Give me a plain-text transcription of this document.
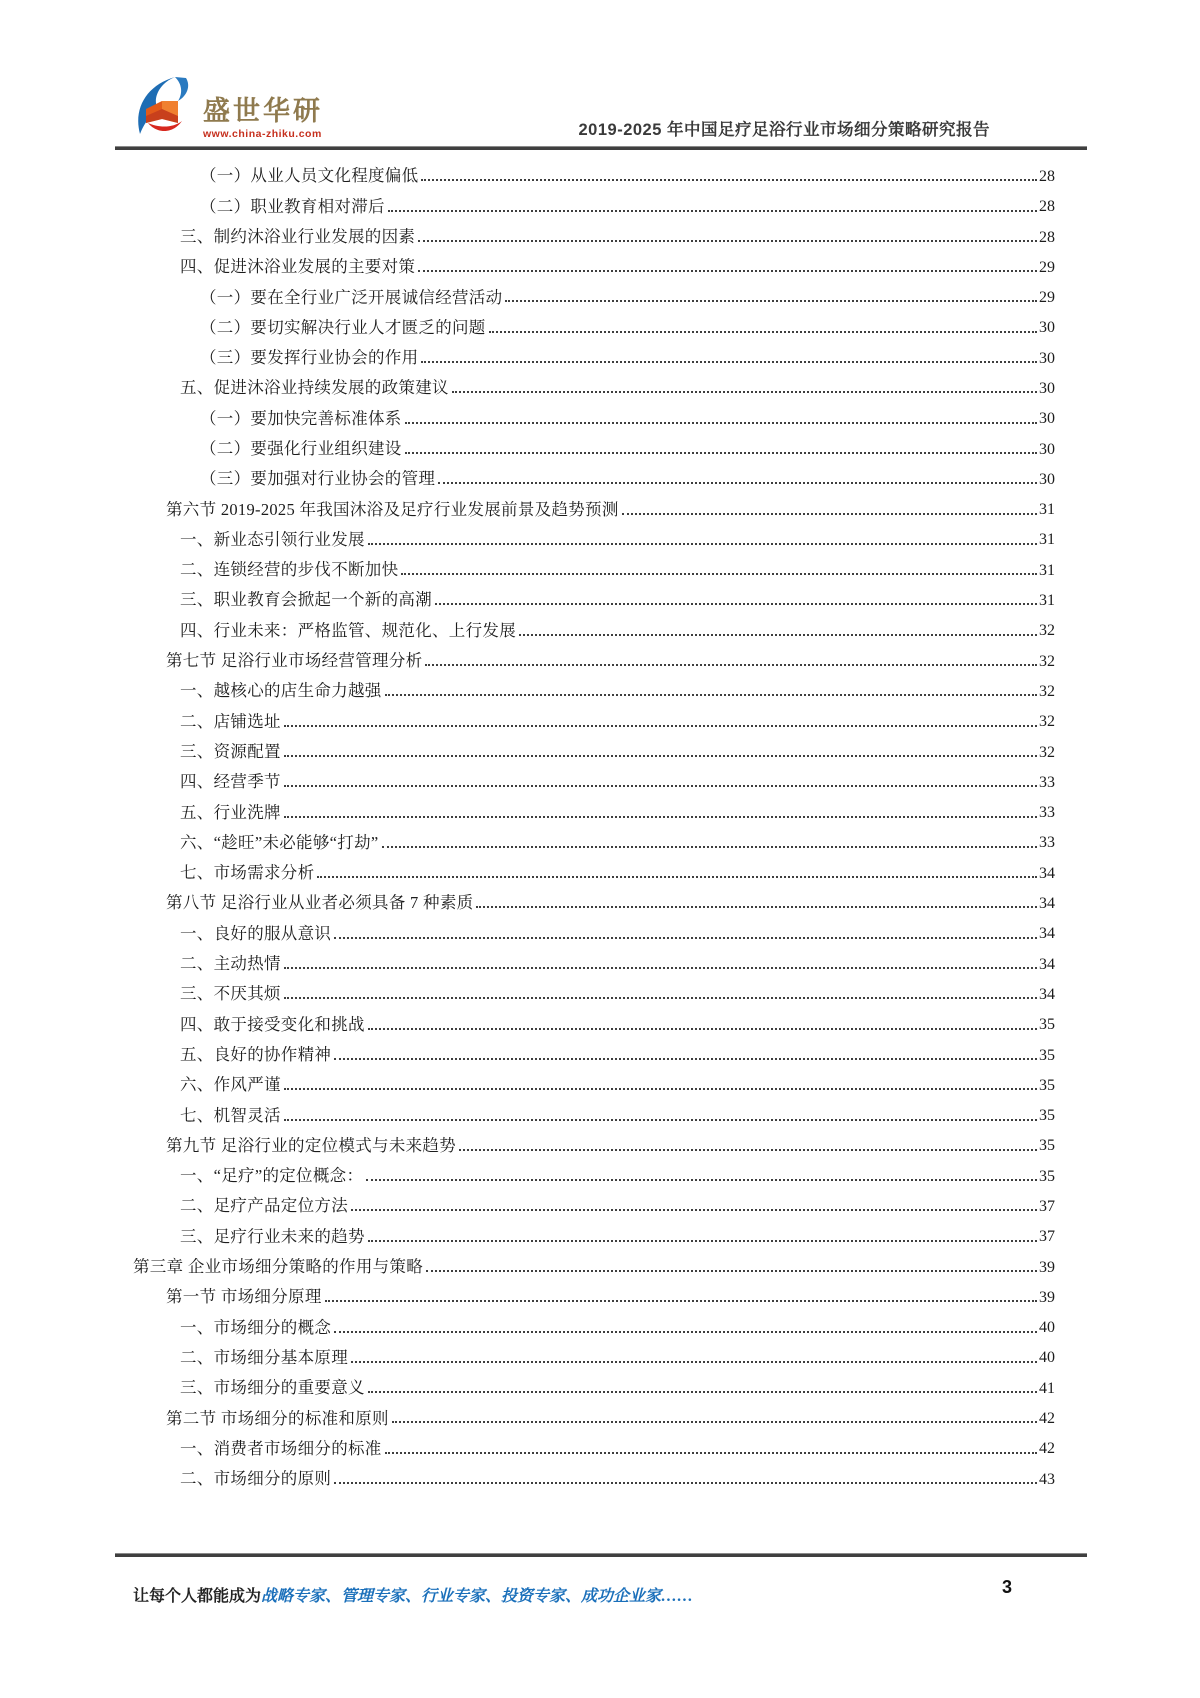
盛世华研
www.china-zhiku.com	2019-2025 年中国足疗足浴行业市场细分策略研究报告
（一）从业人员文化程度偏低	28
（二）职业教育相对滞后	28
三、制约沐浴业行业发展的因素	28
四、促进沐浴业发展的主要对策	29
（一）要在全行业广泛开展诚信经营活动	29
（二）要切实解决行业人才匮乏的问题	30
（三）要发挥行业协会的作用	30
五、促进沐浴业持续发展的政策建议	30
（一）要加快完善标准体系	30
（二）要强化行业组织建设	30
（三）要加强对行业协会的管理	30
第六节 2019-2025 年我国沐浴及足疗行业发展前景及趋势预测	31
一、新业态引领行业发展	31
二、连锁经营的步伐不断加快	31
三、职业教育会掀起一个新的高潮	31
四、行业未来：严格监管、规范化、上行发展	32
第七节 足浴行业市场经营管理分析	32
一、越核心的店生命力越强	32
二、店铺选址	32
三、资源配置	32
四、经营季节	33
五、行业洗牌	33
六、“趁旺”未必能够“打劫”	33
七、市场需求分析	34
第八节 足浴行业从业者必须具备 7 种素质	34
一、良好的服从意识	34
二、主动热情	34
三、不厌其烦	34
四、敢于接受变化和挑战	35
五、良好的协作精神	35
六、作风严谨	35
七、机智灵活	35
第九节 足浴行业的定位模式与未来趋势	35
一、“足疗”的定位概念：	35
二、足疗产品定位方法	37
三、足疗行业未来的趋势	37
第三章 企业市场细分策略的作用与策略	39
第一节 市场细分原理	39
一、市场细分的概念	40
二、市场细分基本原理	40
三、市场细分的重要意义	41
第二节 市场细分的标准和原则	42
一、消费者市场细分的标准	42
二、市场细分的原则	43
让每个人都能成为战略专家、管理专家、行业专家、投资专家、成功企业家……	3
